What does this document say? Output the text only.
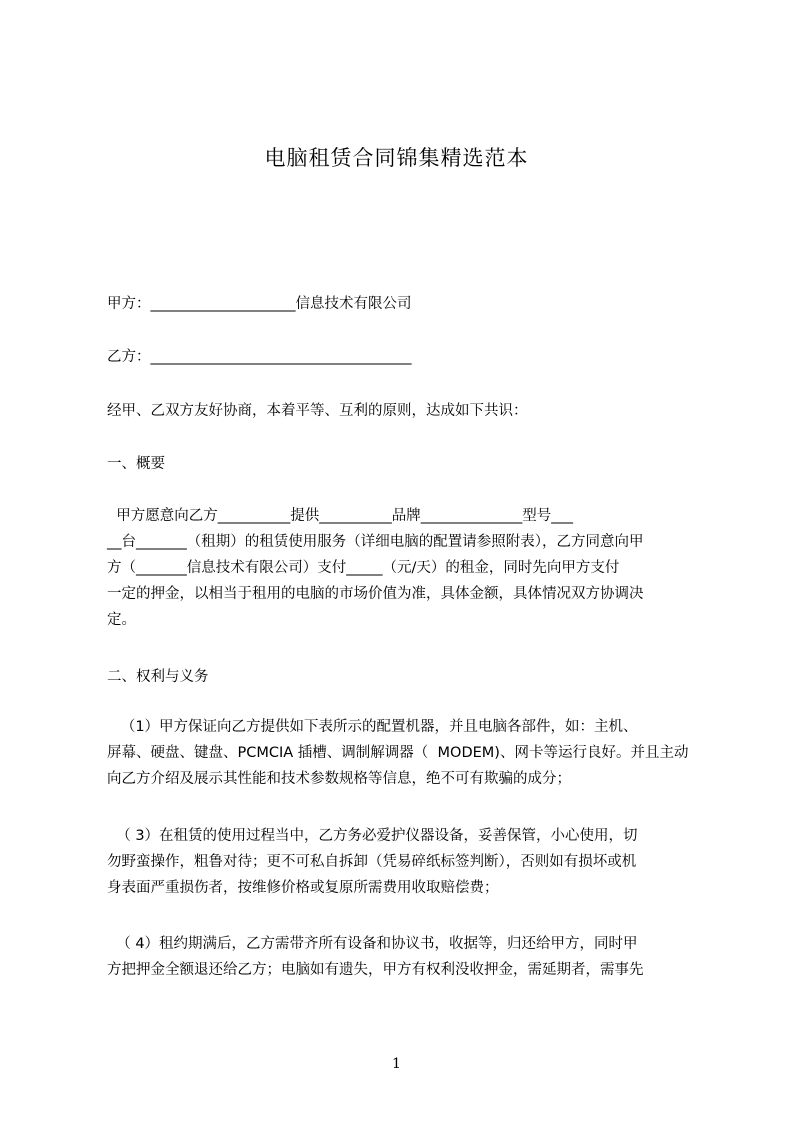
电脑租赁合同锦集精选范本
甲方：____________________信息技术有限公司
乙方：____________________________________
经甲、乙双方友好协商，本着平等、互利的原则，达成如下共识：
一、概要
甲方愿意向乙方__________提供__________品牌______________型号___
__台_______（租期）的租赁使用服务（详细电脑的配置请参照附表），乙方同意向甲
方（_______信息技术有限公司）支付_____（元/天）的租金，同时先向甲方支付
一定的押金，以相当于租用的电脑的市场价值为准，具体金额，具体情况双方协调决
定。
二、权利与义务
（1）甲方保证向乙方提供如下表所示的配置机器，并且电脑各部件，如：主机、
屏幕、硬盘、键盘、PCMCIA 插槽、调制解调器（  MODEM)、网卡等运行良好。并且主动
向乙方介绍及展示其性能和技术参数规格等信息，绝不可有欺骗的成分；
（ 3）在租赁的使用过程当中，乙方务必爱护仪器设备，妥善保管，小心使用，切
勿野蛮操作，粗鲁对待；更不可私自拆卸（凭易碎纸标签判断），否则如有损坏或机
身表面严重损伤者，按维修价格或复原所需费用收取赔偿费；
（ 4）租约期满后，乙方需带齐所有设备和协议书，收据等，归还给甲方，同时甲
方把押金全额退还给乙方；电脑如有遗失，甲方有权利没收押金，需延期者，需事先
1
